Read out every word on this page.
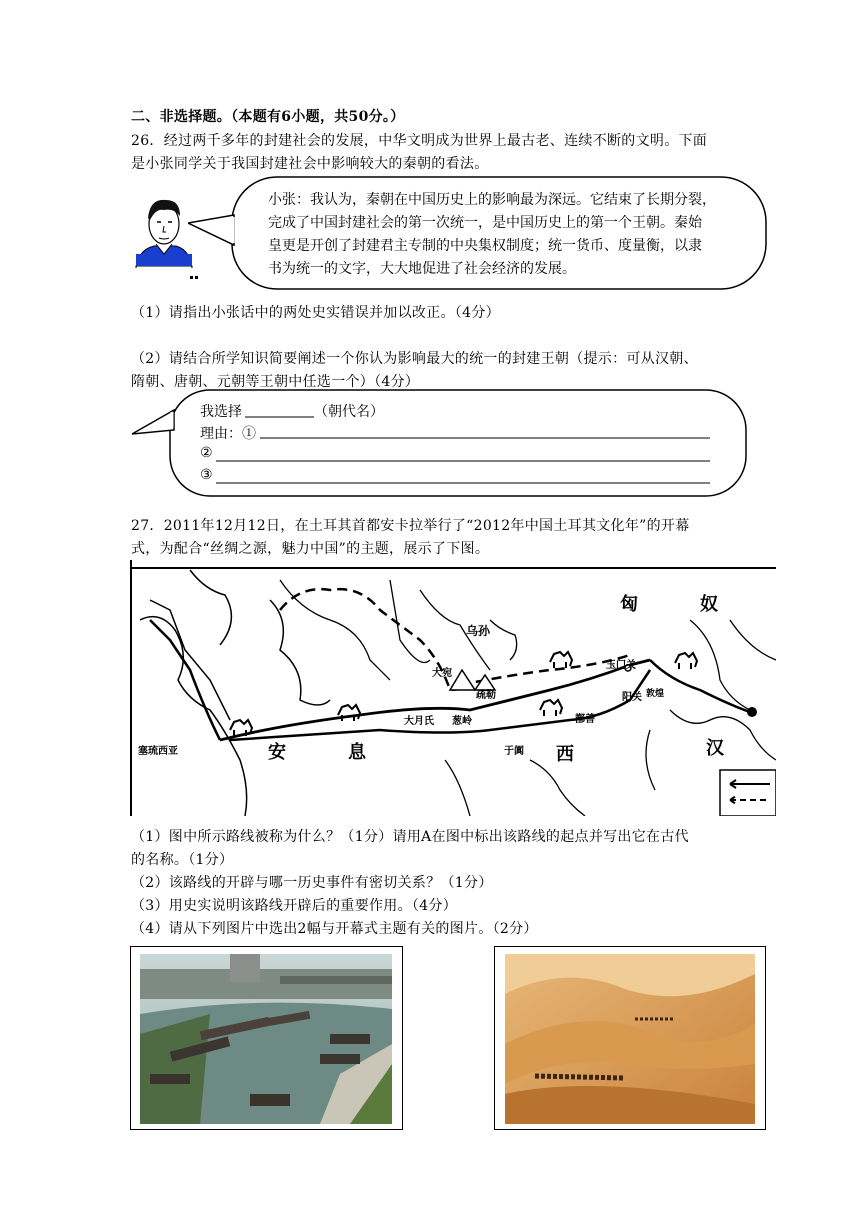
二、非选择题。（本题有6小题，共50分。）
26．经过两千多年的封建社会的发展，中华文明成为世界上最古老、连续不断的文明。下面
是小张同学关于我国封建社会中影响较大的秦朝的看法。
小张：我认为，秦朝在中国历史上的影响最为深远。它结束了长期分裂，
完成了中国封建社会的第一次统一，是中国历史上的第一个王朝。秦始
皇更是开创了封建君主专制的中央集权制度；统一货币、度量衡，以隶
书为统一的文字，大大地促进了社会经济的发展。
（1）请指出小张话中的两处史实错误并加以改正。（4分）
（2）请结合所学知识简要阐述一个你认为影响最大的统一的封建王朝（提示：可从汉朝、
隋朝、唐朝、元朝等王朝中任选一个）（4分）
我选择	（朝代名）
理由：①
②
③
27．2011年12月12日，在土耳其首都安卡拉举行了“2012年中国土耳其文化年”的开幕
式，为配合“丝绸之源，魅力中国”的主题，展示了下图。
匈	奴
乌孙
大宛
疏勒
大月氏 葱岭
玉门关
阳关 敦煌
鄯善
于阗 西	汉
安	息
塞琉西亚
（1）图中所示路线被称为什么？（1分）请用A在图中标出该路线的起点并写出它在古代
的名称。（1分）
（2）该路线的开辟与哪一历史事件有密切关系？（1分）
（3）用史实说明该路线开辟后的重要作用。（4分）
（4）请从下列图片中选出2幅与开幕式主题有关的图片。（2分）
